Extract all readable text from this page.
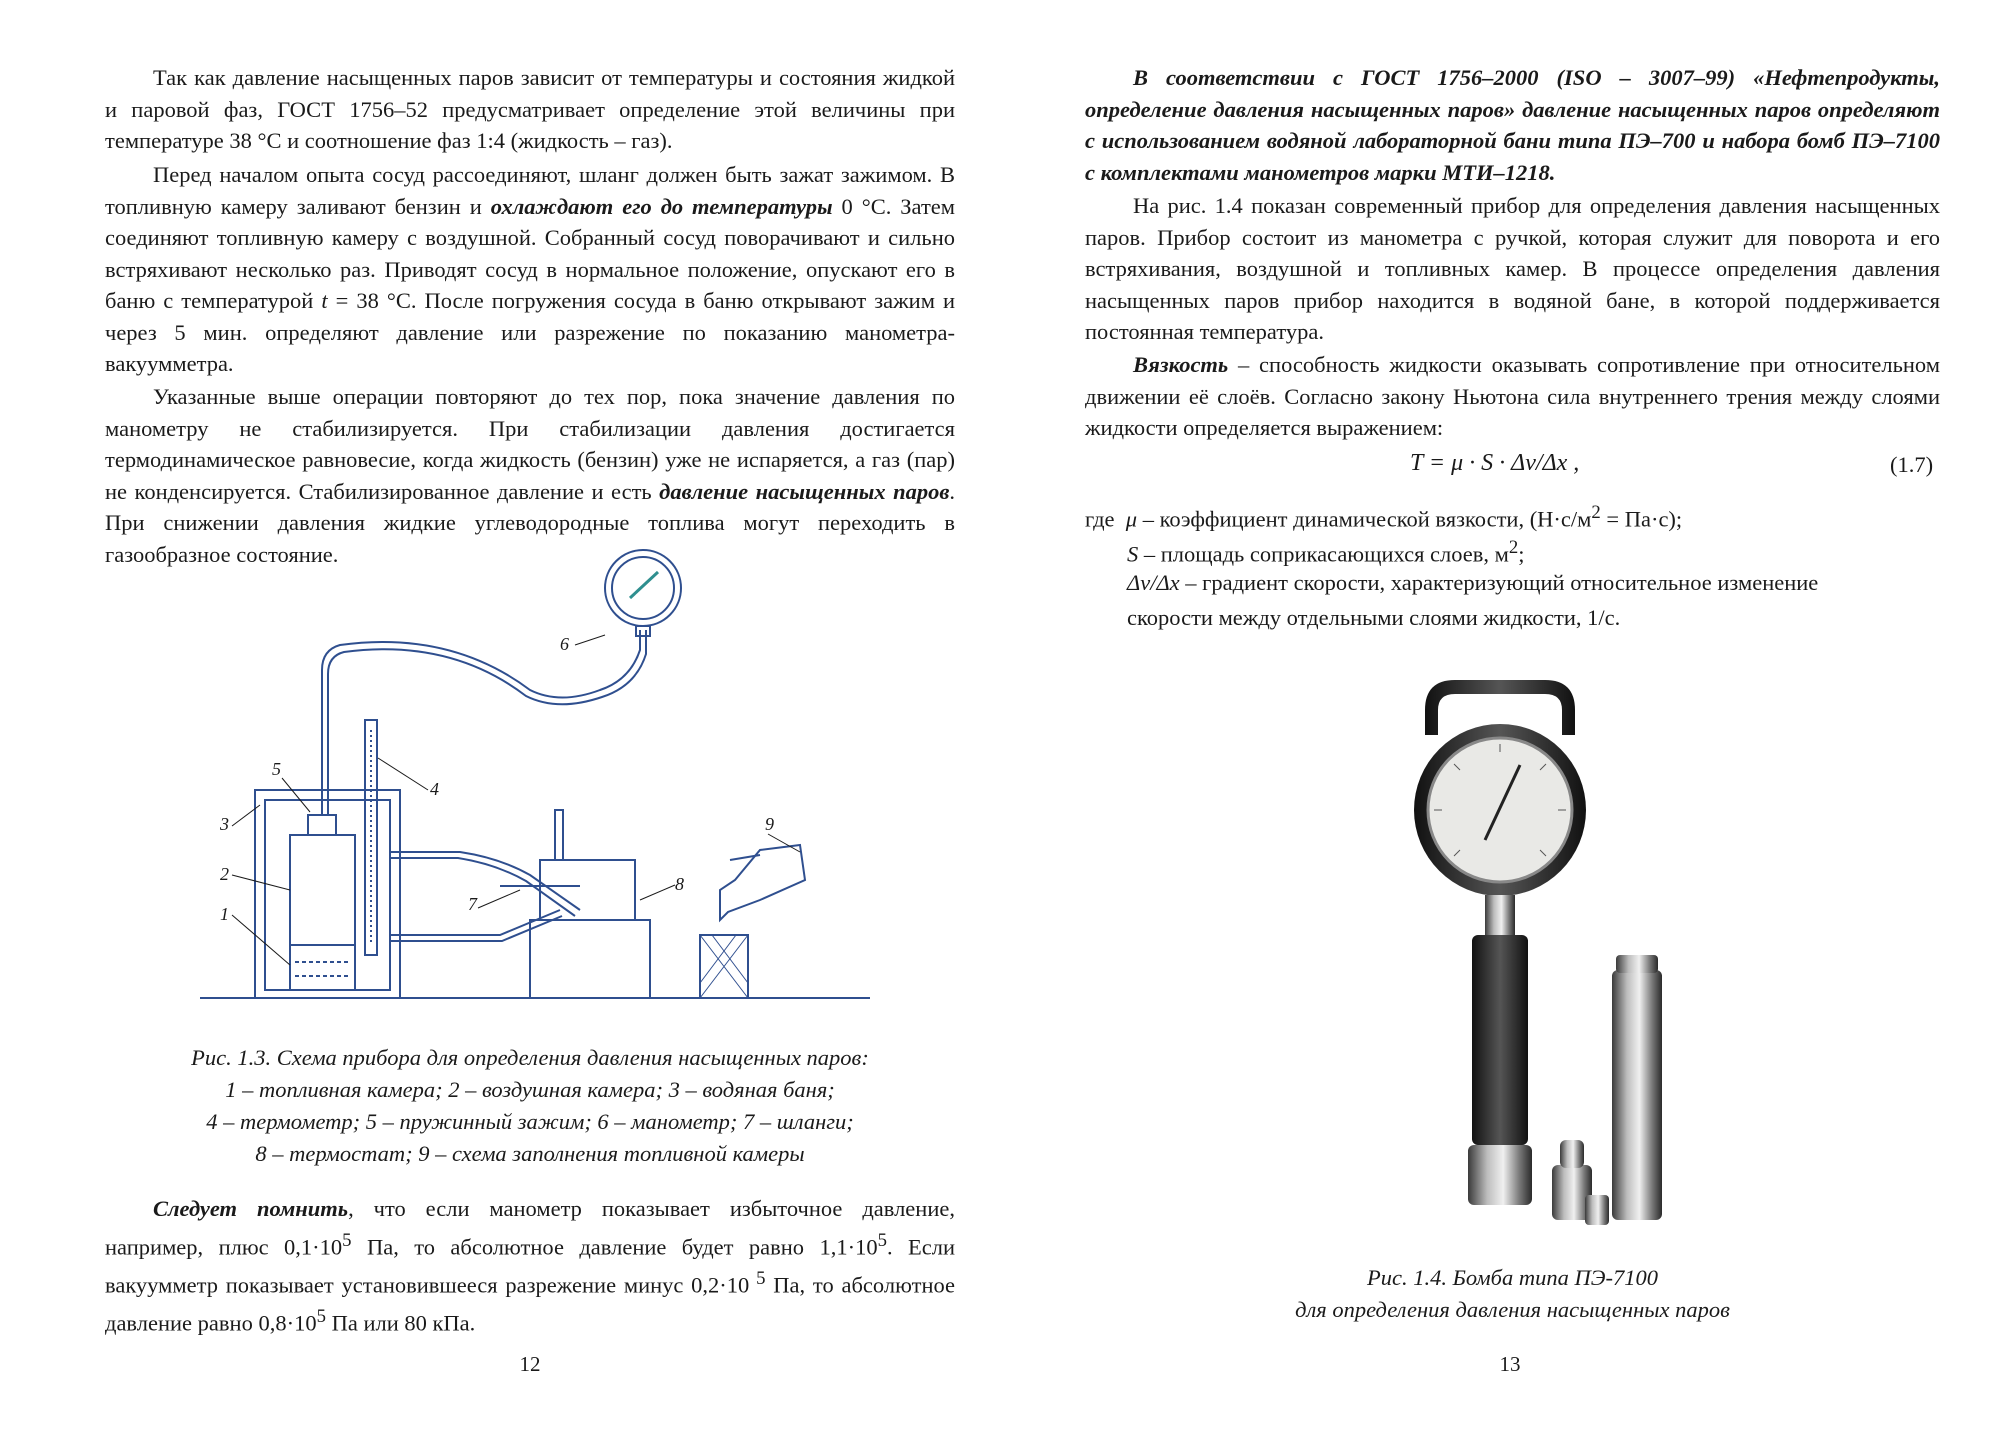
Так как давление насыщенных паров зависит от температуры и состояния жидкой и паровой фаз, ГОСТ 1756–52 предусматривает определение этой величины при температуре 38 °С и соотношение фаз 1:4 (жидкость – газ).

Перед началом опыта сосуд рассоединяют, шланг должен быть зажат зажимом. В топливную камеру заливают бензин и охлаждают его до температуры 0 °С. Затем соединяют топливную камеру с воздушной. Собранный сосуд поворачивают и сильно встряхивают несколько раз. Приводят сосуд в нормальное положение, опускают его в баню с температурой t = 38 °С. После погружения сосуда в баню открывают зажим и через 5 мин. определяют давление или разрежение по показанию манометра-вакуумметра.

Указанные выше операции повторяют до тех пор, пока значение давления по манометру не стабилизируется. При стабилизации давления достигается термодинамическое равновесие, когда жидкость (бензин) уже не испаряется, а газ (пар) не конденсируется. Стабилизированное давление и есть давление насыщенных паров. При снижении давления жидкие углеводородные топлива могут переходить в газообразное состояние.

1
2
3
4
5
6
7
8
9

Рис. 1.3. Схема прибора для определения давления насыщенных паров:

1 – топливная камера; 2 – воздушная камера; 3 – водяная баня;

4 – термометр; 5 – пружинный зажим; 6 – манометр; 7 – шланги;

8 – термостат; 9 – схема заполнения топливной камеры

Следует помнить, что если манометр показывает избыточное давление, например, плюс $0,1\cdot 10^5$ Па, то абсолютное давление будет равно $1,1\cdot 10^5$. Если вакуумметр показывает установившееся разрежение минус 0,2·10 $^5$ Па, то абсолютное давление равно $0,8\cdot 10^5$ Па или 80 кПа.

12

В соответствии с ГОСТ 1756–2000 (ISO – 3007–99) «Нефтепродукты, определение давления насыщенных паров» давление насыщенных паров определяют с использованием водяной лабораторной бани типа ПЭ–700 и набора бомб ПЭ–7100 с комплектами манометров марки МТИ–1218.

На рис. 1.4 показан современный прибор для определения давления насыщенных паров. Прибор состоит из манометра с ручкой, которая служит для поворота и его встряхивания, воздушной и топливных камер. В процессе определения давления насыщенных паров прибор находится в водяной бане, в которой поддерживается постоянная температура.

Вязкость – способность жидкости оказывать сопротивление при относительном движении её слоёв. Согласно закону Ньютона сила внутреннего трения между слоями жидкости определяется выражением:

T = μ · S · Δv/Δx ,	(1.7)
где μ – коэффициент динамической вязкости, $(Н\cdot с/м^2 = Па\cdot с)$;
S – площадь соприкасающихся слоев, $м^2$;
Δv/Δx – градиент скорости, характеризующий относительное изменение
скорости между отдельными слоями жидкости, 1/с.

Рис. 1.4. Бомба типа ПЭ-7100

для определения давления насыщенных паров

13
